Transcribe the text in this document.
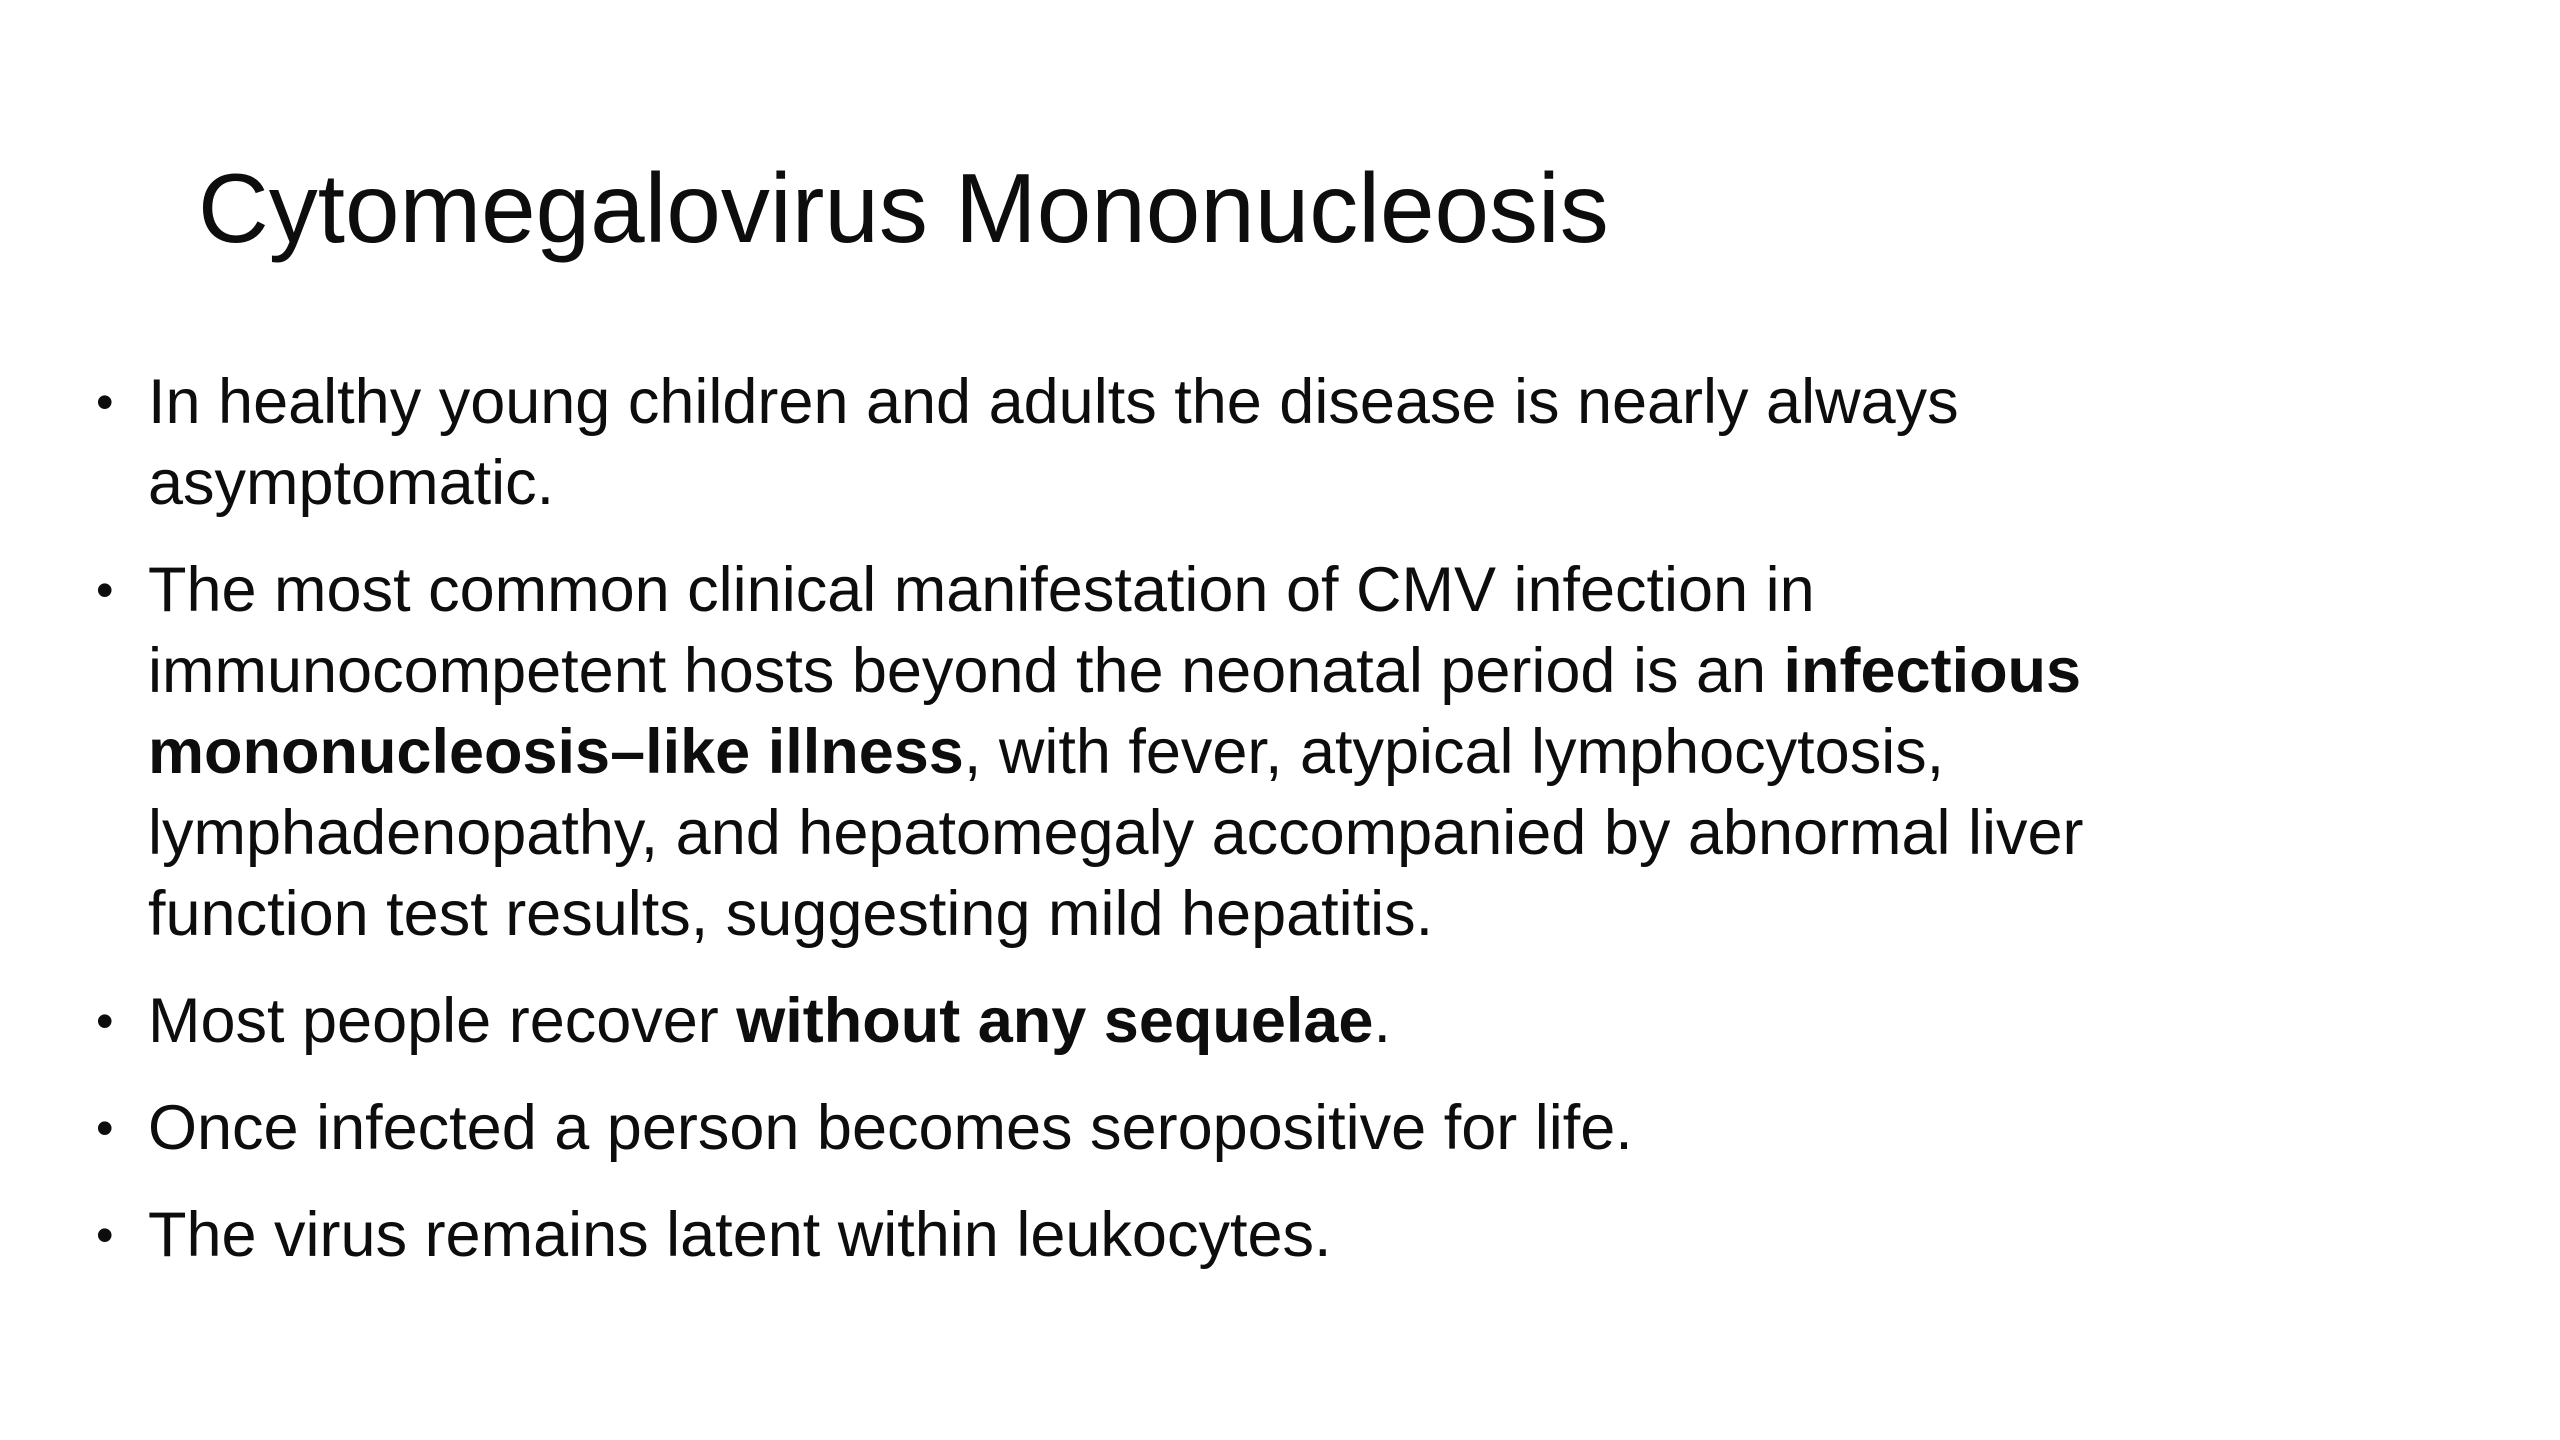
Cytomegalovirus Mononucleosis
• In healthy young children and adults the disease is nearly always
asymptomatic.
• The most common clinical manifestation of CMV infection in
immunocompetent hosts beyond the neonatal period is an infectious
mononucleosis–like illness, with fever, atypical lymphocytosis,
lymphadenopathy, and hepatomegaly accompanied by abnormal liver
function test results, suggesting mild hepatitis.
• Most people recover without any sequelae.
• Once infected a person becomes seropositive for life.
• The virus remains latent within leukocytes.
